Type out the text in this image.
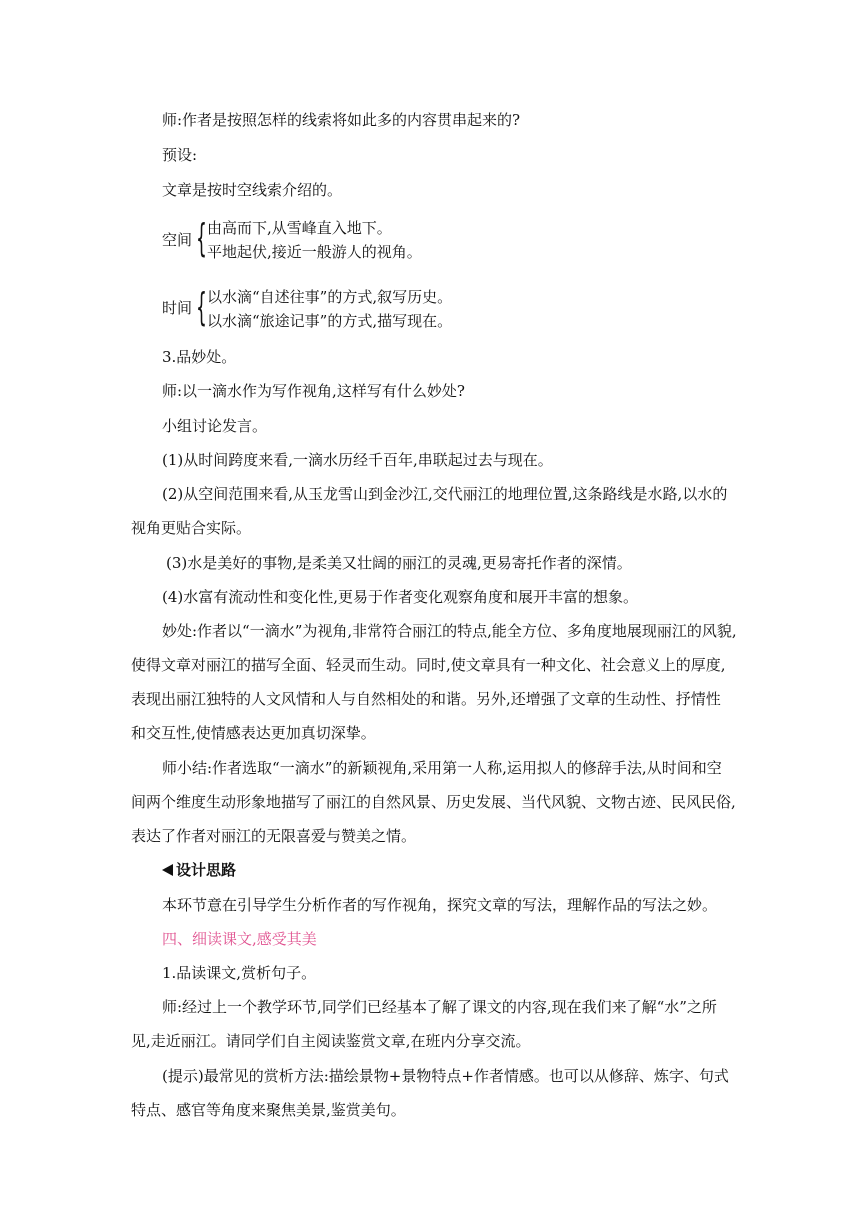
师:作者是按照怎样的线索将如此多的内容贯串起来的?
预设:
文章是按时空线索介绍的。
空间 { 由高而下,从雪峰直入地下。
平地起伏,接近一般游人的视角。
时间 { 以水滴“自述往事”的方式,叙写历史。
以水滴“旅途记事”的方式,描写现在。
3.品妙处。
师:以一滴水作为写作视角,这样写有什么妙处?
小组讨论发言。
(1)从时间跨度来看,一滴水历经千百年,串联起过去与现在。
(2)从空间范围来看,从玉龙雪山到金沙江,交代丽江的地理位置,这条路线是水路,以水的
视角更贴合实际。
(3)水是美好的事物,是柔美又壮阔的丽江的灵魂,更易寄托作者的深情。
(4)水富有流动性和变化性,更易于作者变化观察角度和展开丰富的想象。
妙处:作者以“一滴水”为视角,非常符合丽江的特点,能全方位、多角度地展现丽江的风貌,
使得文章对丽江的描写全面、轻灵而生动。同时,使文章具有一种文化、社会意义上的厚度,
表现出丽江独特的人文风情和人与自然相处的和谐。另外,还增强了文章的生动性、抒情性
和交互性,使情感表达更加真切深挚。
师小结:作者选取“一滴水”的新颖视角,采用第一人称,运用拟人的修辞手法,从时间和空
间两个维度生动形象地描写了丽江的自然风景、历史发展、当代风貌、文物古迹、民风民俗,
表达了作者对丽江的无限喜爱与赞美之情。
设计思路
本环节意在引导学生分析作者的写作视角，探究文章的写法，理解作品的写法之妙。
四、细读课文,感受其美
1.品读课文,赏析句子。
师:经过上一个教学环节,同学们已经基本了解了课文的内容,现在我们来了解“水”之所
见,走近丽江。请同学们自主阅读鉴赏文章,在班内分享交流。
(提示)最常见的赏析方法:描绘景物+景物特点+作者情感。也可以从修辞、炼字、句式
特点、感官等角度来聚焦美景,鉴赏美句。
